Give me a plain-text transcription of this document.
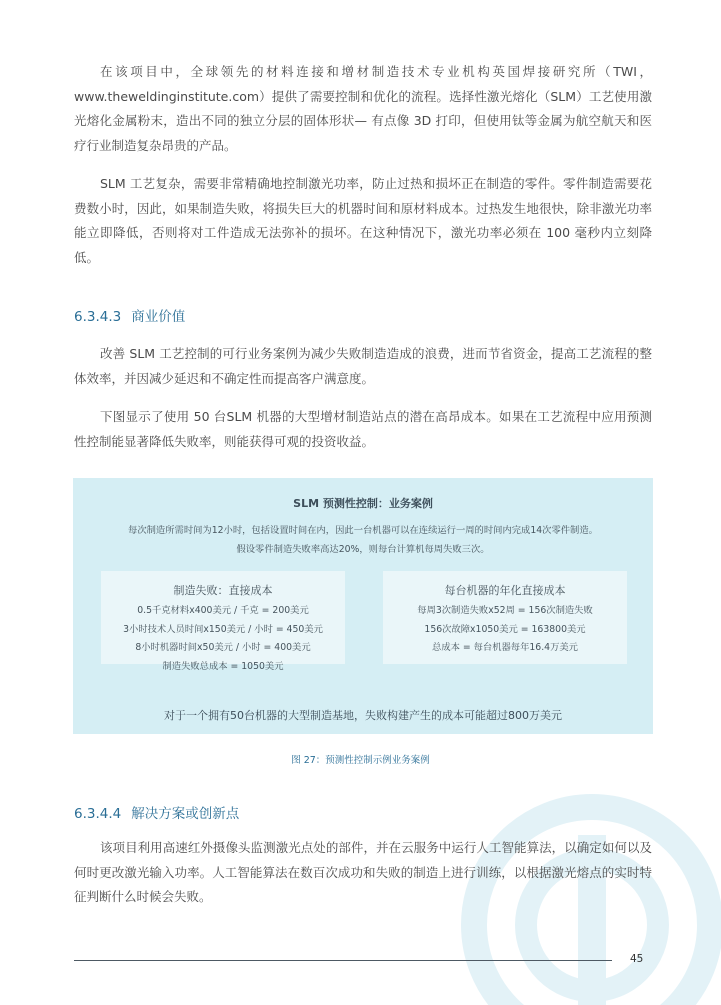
在该项目中，全球领先的材料连接和增材制造技术专业机构英国焊接研究所（TWI，www.theweldinginstitute.com）提供了需要控制和优化的流程。选择性激光熔化（SLM）工艺使用激光熔化金属粉末，造出不同的独立分层的固体形状— 有点像 3D 打印，但使用钛等金属为航空航天和医疗行业制造复杂昂贵的产品。

SLM 工艺复杂，需要非常精确地控制激光功率，防止过热和损坏正在制造的零件。零件制造需要花费数小时，因此，如果制造失败，将损失巨大的机器时间和原材料成本。过热发生地很快，除非激光功率能立即降低，否则将对工件造成无法弥补的损坏。在这种情况下，激光功率必须在 100 毫秒内立刻降低。

6.3.4.3 商业价值

改善 SLM 工艺控制的可行业务案例为减少失败制造造成的浪费，进而节省资金，提高工艺流程的整体效率，并因减少延迟和不确定性而提高客户满意度。

下图显示了使用 50 台SLM 机器的大型增材制造站点的潜在高昂成本。如果在工艺流程中应用预测性控制能显著降低失败率，则能获得可观的投资收益。

SLM 预测性控制：业务案例
每次制造所需时间为12小时，包括设置时间在内，因此一台机器可以在连续运行一周的时间内完成14次零件制造。
假设零件制造失败率高达20%，则每台计算机每周失败三次。
制造失败：直接成本
0.5千克材料x400美元 / 千克 = 200美元
3小时技术人员时间x150美元 / 小时 = 450美元
8小时机器时间x50美元 / 小时 = 400美元
制造失败总成本 = 1050美元
每台机器的年化直接成本
每周3次制造失败x52周 = 156次制造失败
156次故障x1050美元 = 163800美元
总成本 = 每台机器每年16.4万美元
对于一个拥有50台机器的大型制造基地，失败构建产生的成本可能超过800万美元
图 27：预测性控制示例业务案例
6.3.4.4 解决方案或创新点

该项目利用高速红外摄像头监测激光点处的部件，并在云服务中运行人工智能算法，以确定如何以及何时更改激光输入功率。人工智能算法在数百次成功和失败的制造上进行训练，以根据激光熔点的实时特征判断什么时候会失败。

45
